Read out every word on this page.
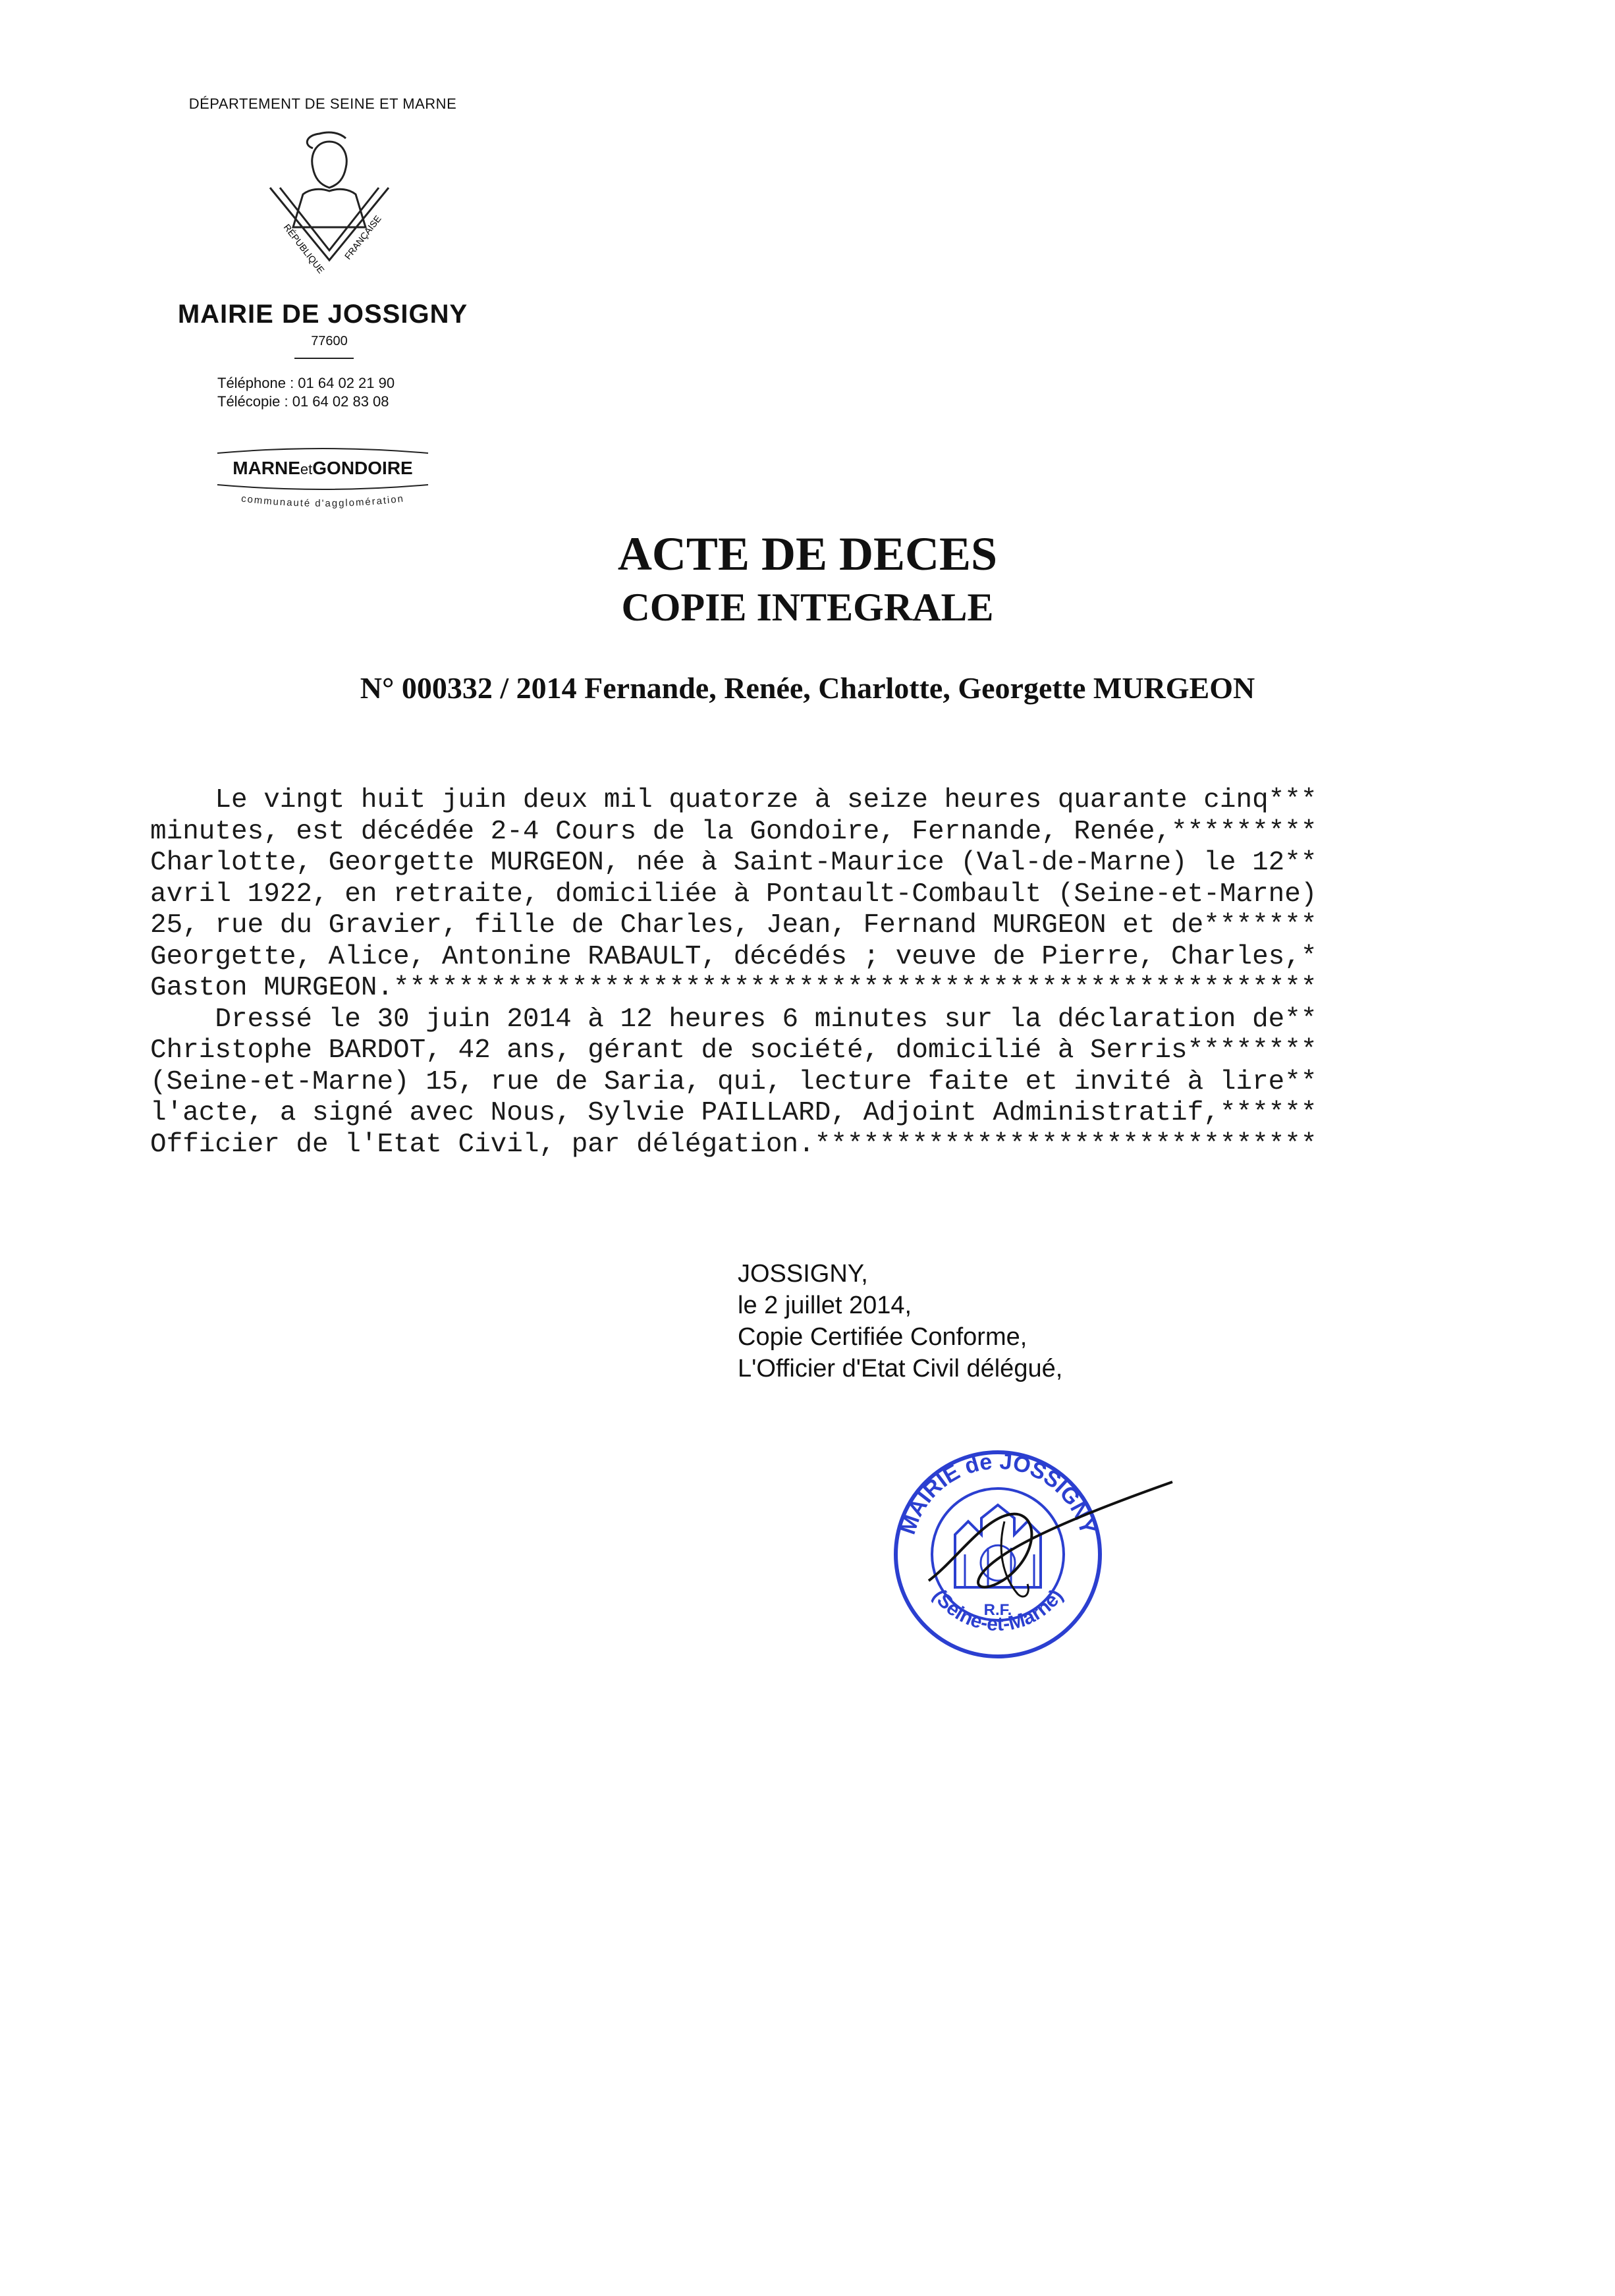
DÉPARTEMENT DE SEINE ET MARNE
RÉPUBLIQUE FRANÇAISE
MAIRIE DE JOSSIGNY
77600
Téléphone : 01 64 02 21 90
Télécopie : 01 64 02 83 08
MARNEetGONDOIRE
communauté d'agglomération
ACTE DE DECES
COPIE INTEGRALE
N° 000332 / 2014 Fernande, Renée, Charlotte, Georgette MURGEON
Le vingt huit juin deux mil quatorze à seize heures quarante cinq***
minutes, est décédée 2-4 Cours de la Gondoire, Fernande, Renée,*********
Charlotte, Georgette MURGEON, née à Saint-Maurice (Val-de-Marne) le 12**
avril 1922, en retraite, domiciliée à Pontault-Combault (Seine-et-Marne)
25, rue du Gravier, fille de Charles, Jean, Fernand MURGEON et de*******
Georgette, Alice, Antonine RABAULT, décédés ; veuve de Pierre, Charles,*
Gaston MURGEON.*********************************************************
Dressé le 30 juin 2014 à 12 heures 6 minutes sur la déclaration de**
Christophe BARDOT, 42 ans, gérant de société, domicilié à Serris********
(Seine-et-Marne) 15, rue de Saria, qui, lecture faite et invité à lire**
l'acte, a signé avec Nous, Sylvie PAILLARD, Adjoint Administratif,******
Officier de l'Etat Civil, par délégation.*******************************
JOSSIGNY,
le 2 juillet 2014,
Copie Certifiée Conforme,
L'Officier d'Etat Civil délégué,
MAIRIE de JOSSIGNY
(Seine-et-Marne)
R.F.
